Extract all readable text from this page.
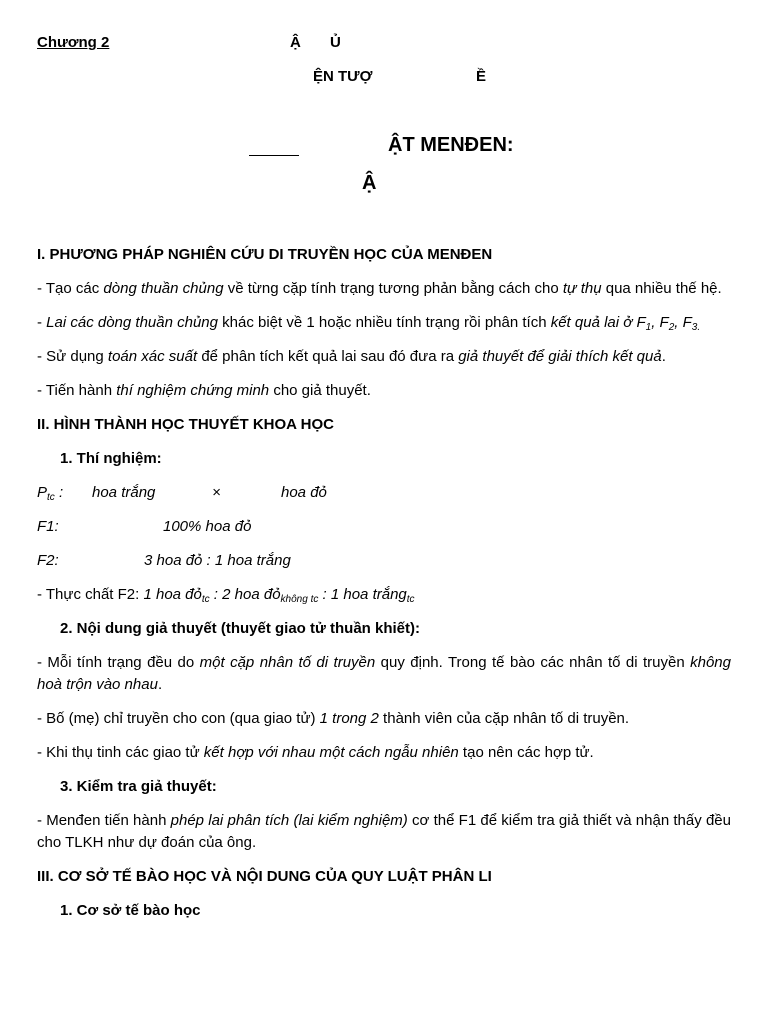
Chương 2	Ậ Ủ
ỆN TƯỢ	Ề
ẬT MENĐEN:
Ậ

I. PHƯƠNG PHÁP NGHIÊN CỨU DI TRUYỀN HỌC CỦA MENĐEN

- Tạo các dòng thuần chủng về từng cặp tính trạng tương phản bằng cách cho tự thụ qua nhiều thế hệ.

- Lai các dòng thuần chủng khác biệt về 1 hoặc nhiều tính trạng rồi phân tích kết quả lai ở $F_1$, $F_2$, $F_{3.}$

- Sử dụng toán xác suất để phân tích kết quả lai sau đó đưa ra giả thuyết để giải thích kết quả.

- Tiến hành thí nghiệm chứng minh cho giả thuyết.

II. HÌNH THÀNH HỌC THUYẾT KHOA HỌC

1. Thí nghiệm:

$P_{tc}$ : hoa trắng	×	hoa đỏ

F1:	100% hoa đỏ

F2:	3 hoa đỏ : 1 hoa trắng

- Thực chất F2: 1 hoa đỏ$_{tc}$ : 2 hoa đỏ$_{không tc}$ : 1 hoa trắng$_{tc}$

2. Nội dung giả thuyết (thuyết giao tử thuần khiết):

- Mỗi tính trạng đều do một cặp nhân tố di truyền quy định. Trong tế bào các nhân tố di truyền không hoà trộn vào nhau.

- Bố (mẹ) chỉ truyền cho con (qua giao tử) 1 trong 2 thành viên của cặp nhân tố di truyền.

- Khi thụ tinh các giao tử kết hợp với nhau một cách ngẫu nhiên tạo nên các hợp tử.

3. Kiểm tra giả thuyết:

- Menđen tiến hành phép lai phân tích (lai kiểm nghiệm) cơ thể F1 để kiểm tra giả thiết và nhận thấy đều cho TLKH như dự đoán của ông.

III. CƠ SỞ TẾ BÀO HỌC VÀ NỘI DUNG CỦA QUY LUẬT PHÂN LI

1. Cơ sở tế bào học
